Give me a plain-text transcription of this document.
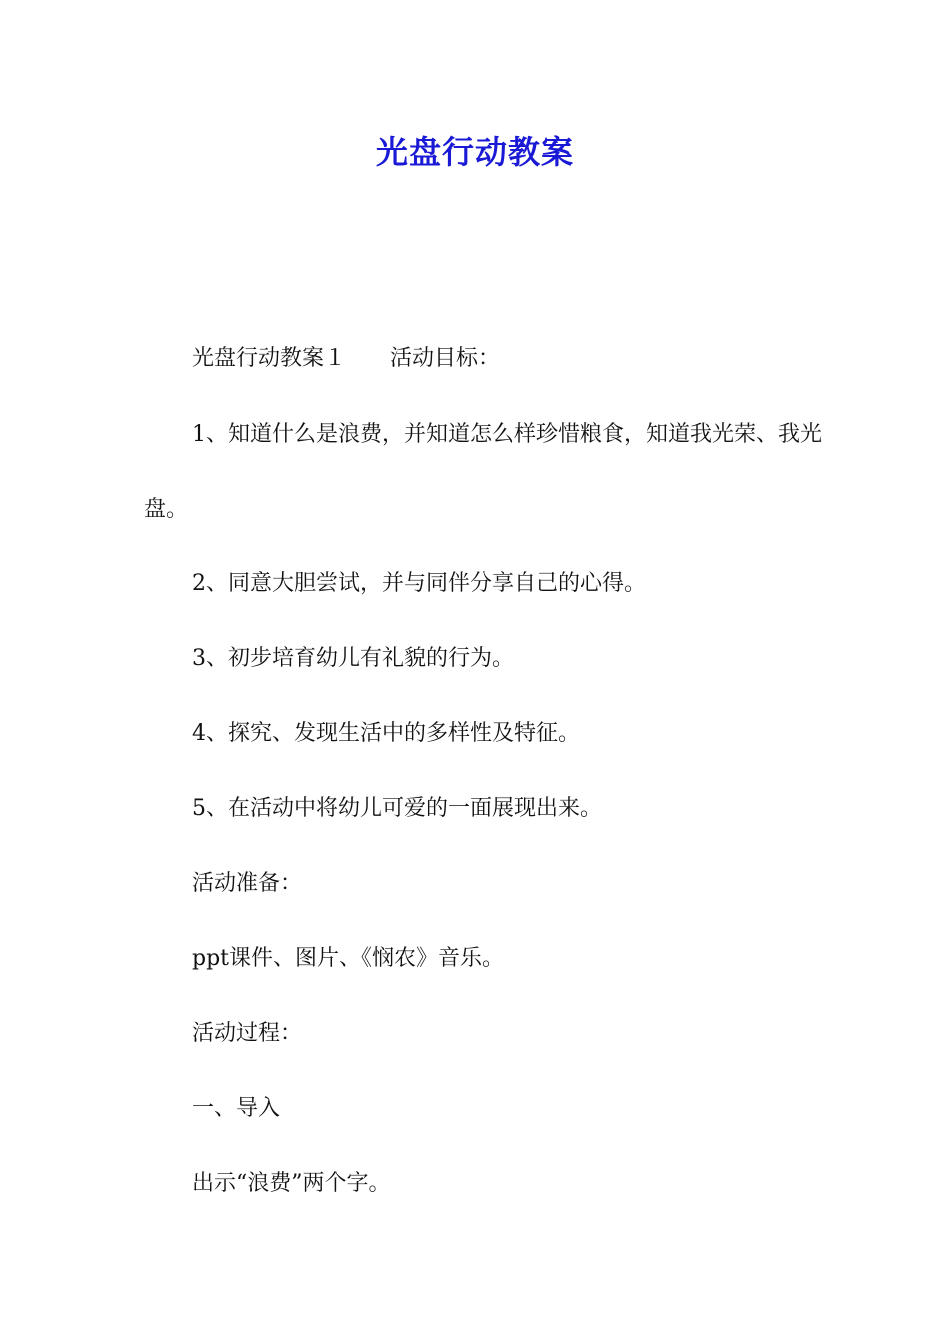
光盘行动教案

光盘行动教案１ 活动目标：

1、知道什么是浪费，并知道怎么样珍惜粮食，知道我光荣、我光盘。

2、同意大胆尝试，并与同伴分享自己的心得。

3、初步培育幼儿有礼貌的行为。

4、探究、发现生活中的多样性及特征。

5、在活动中将幼儿可爱的一面展现出来。

活动准备：

ppt课件、图片、《悯农》音乐。

活动过程：

一、导入

出示“浪费”两个字。
